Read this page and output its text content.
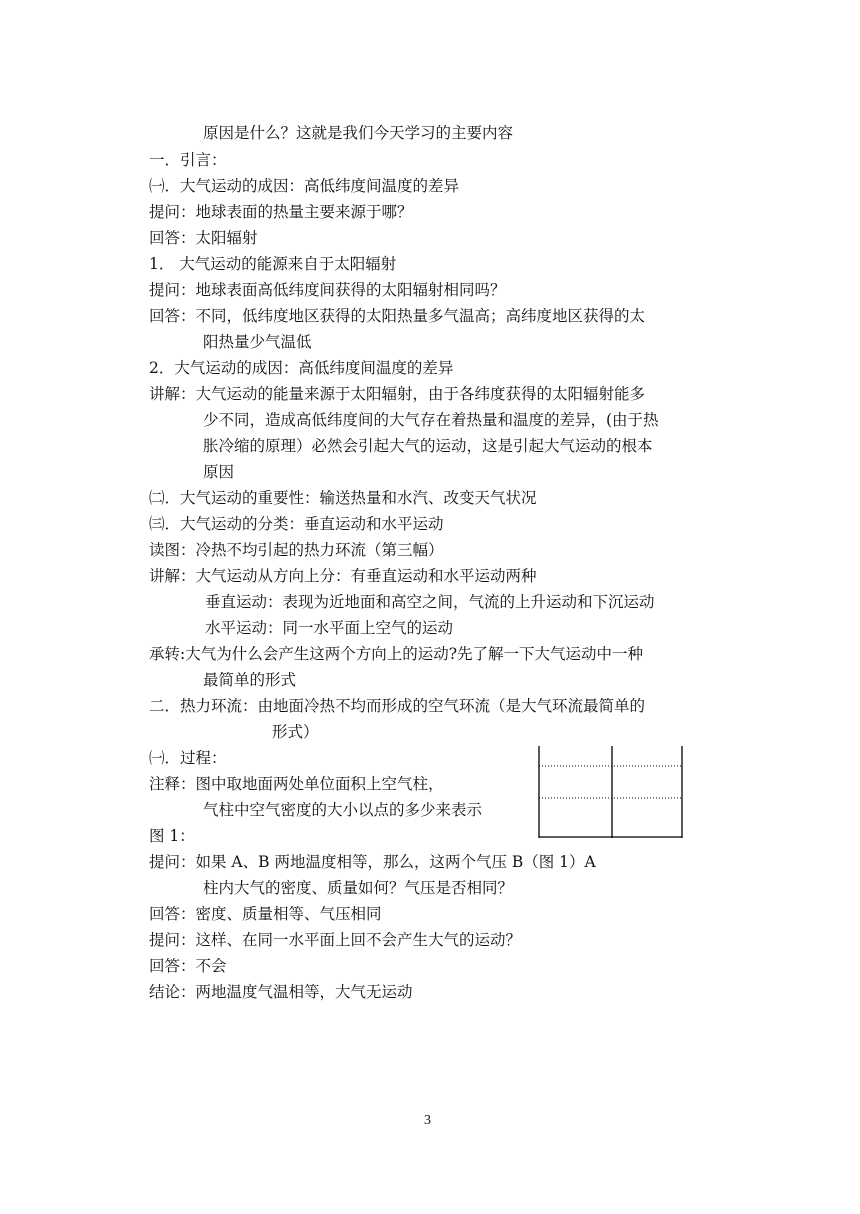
原因是什么？这就是我们今天学习的主要内容
一．引言：
㈠．大气运动的成因：高低纬度间温度的差异
提问：地球表面的热量主要来源于哪？
回答：太阳辐射
1． 大气运动的能源来自于太阳辐射
提问：地球表面高低纬度间获得的太阳辐射相同吗？
回答：不同，低纬度地区获得的太阳热量多气温高；高纬度地区获得的太
阳热量少气温低
2．大气运动的成因：高低纬度间温度的差异
讲解：大气运动的能量来源于太阳辐射，由于各纬度获得的太阳辐射能多
少不同，造成高低纬度间的大气存在着热量和温度的差异，(由于热
胀冷缩的原理）必然会引起大气的运动，这是引起大气运动的根本
原因
㈡．大气运动的重要性：输送热量和水汽、改变天气状况
㈢．大气运动的分类：垂直运动和水平运动
读图：冷热不均引起的热力环流（第三幅）
讲解：大气运动从方向上分：有垂直运动和水平运动两种
垂直运动：表现为近地面和高空之间，气流的上升运动和下沉运动
水平运动：同一水平面上空气的运动
承转:大气为什么会产生这两个方向上的运动?先了解一下大气运动中一种
最简单的形式
二．热力环流：由地面冷热不均而形成的空气环流（是大气环流最简单的
形式）
㈠．过程：
注释：图中取地面两处单位面积上空气柱，
气柱中空气密度的大小以点的多少来表示
图 1：
提问：如果 A、B 两地温度相等，那么，这两个气压 B（图 1）A
柱内大气的密度、质量如何？气压是否相同？
回答：密度、质量相等、气压相同
提问：这样、在同一水平面上回不会产生大气的运动？
回答：不会
结论：两地温度气温相等，大气无运动
3
